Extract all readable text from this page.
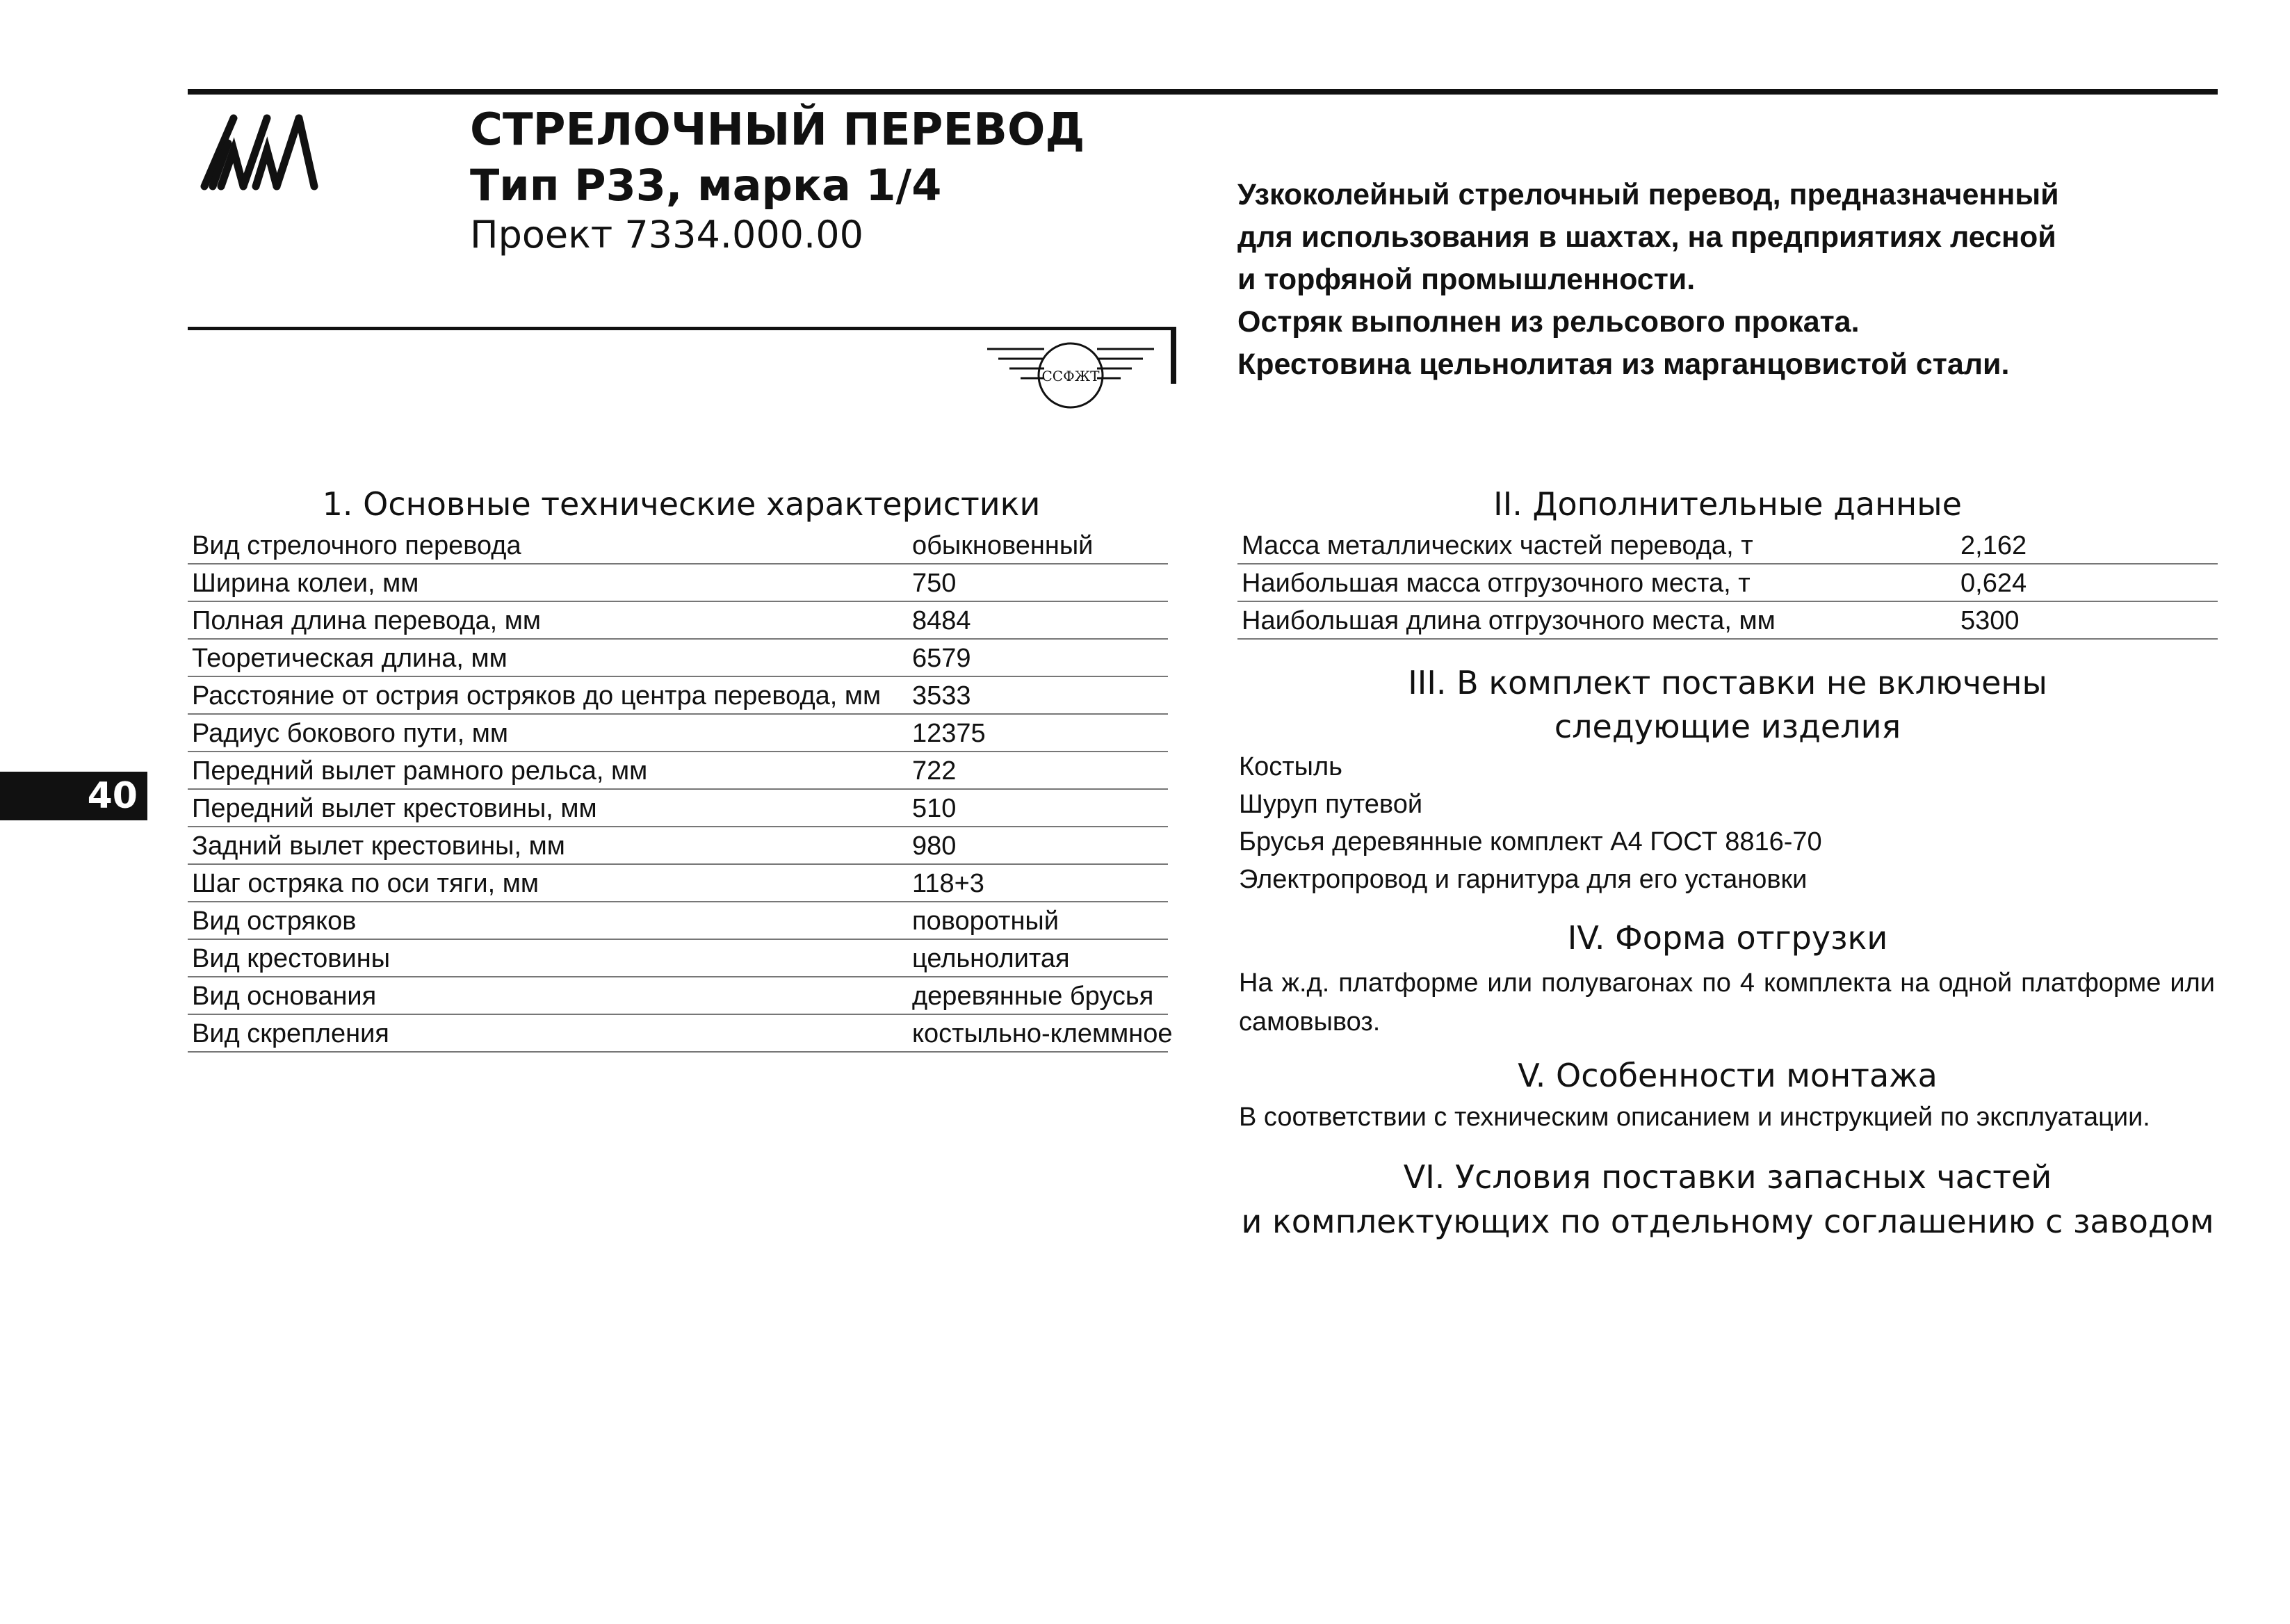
СТРЕЛОЧНЫЙ ПЕРЕВОД
Тип Р33, марка 1/4
Проект 7334.000.00
Узкоколейный стрелочный перевод, предназначенный
для использования в шахтах, на предприятиях лесной
и торфяной промышленности.
Остряк выполнен из рельсового проката.
Крестовина цельнолитая из марганцовистой стали.
ССФЖТ
40
1. Основные технические характеристики
Вид стрелочного перевода	обыкновенный
Ширина колеи, мм	750
Полная длина перевода, мм	8484
Теоретическая длина, мм	6579
Расстояние от острия остряков до центра перевода, мм 3533
Радиус бокового пути, мм	12375
Передний вылет рамного рельса, мм	722
Передний вылет крестовины, мм	510
Задний вылет крестовины, мм	980
Шаг остряка по оси тяги, мм	118+3
Вид остряков	поворотный
Вид крестовины	цельнолитая
Вид основания	деревянные брусья
Вид скрепления	костыльно-клеммное
II. Дополнительные данные
Масса металлических частей перевода, т	2,162
Наибольшая масса отгрузочного места, т	0,624
Наибольшая длина отгрузочного места, мм	5300
III. В комплект поставки не включены
следующие изделия
Костыль
Шуруп путевой
Брусья деревянные комплект А4 ГОСТ 8816-70
Электропровод и гарнитура для его установки
IV. Форма отгрузки
На ж.д. платформе или полувагонах по 4 комплекта на одной платформе или самовывоз.
V. Особенности монтажа
В соответствии с техническим описанием и инструкцией по эксплуатации.
VI. Условия поставки запасных частей
и комплектующих по отдельному соглашению с заводом
